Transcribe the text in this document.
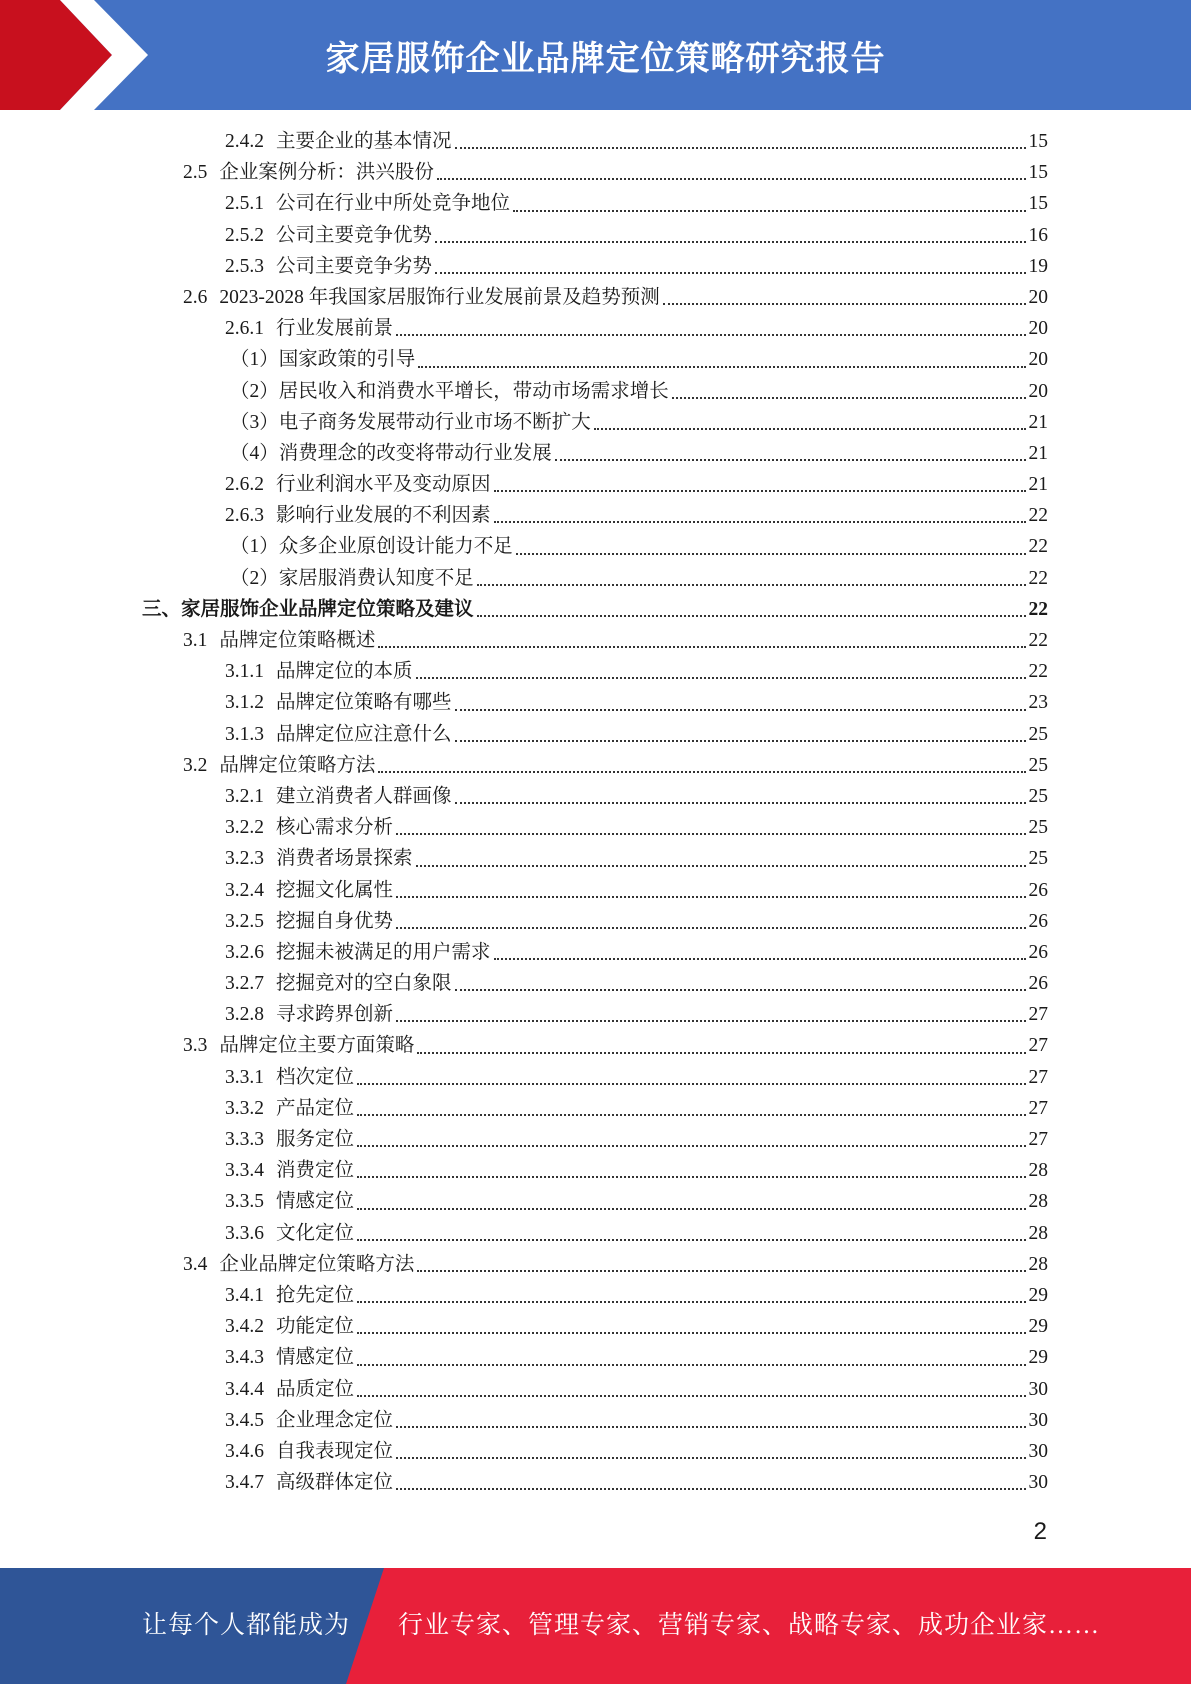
家居服饰企业品牌定位策略研究报告
2.4.2 主要企业的基本情况	15
2.5 企业案例分析：洪兴股份	15
2.5.1 公司在行业中所处竞争地位	15
2.5.2 公司主要竞争优势	16
2.5.3 公司主要竞争劣势	19
2.6 2023-2028 年我国家居服饰行业发展前景及趋势预测	20
2.6.1 行业发展前景	20
（1） 国家政策的引导	20
（2） 居民收入和消费水平增长，带动市场需求增长	20
（3） 电子商务发展带动行业市场不断扩大	21
（4） 消费理念的改变将带动行业发展	21
2.6.2 行业利润水平及变动原因	21
2.6.3 影响行业发展的不利因素	22
（1） 众多企业原创设计能力不足	22
（2） 家居服消费认知度不足	22
三、 家居服饰企业品牌定位策略及建议	22
3.1 品牌定位策略概述	22
3.1.1 品牌定位的本质	22
3.1.2 品牌定位策略有哪些	23
3.1.3 品牌定位应注意什么	25
3.2 品牌定位策略方法	25
3.2.1 建立消费者人群画像	25
3.2.2 核心需求分析	25
3.2.3 消费者场景探索	25
3.2.4 挖掘文化属性	26
3.2.5 挖掘自身优势	26
3.2.6 挖掘未被满足的用户需求	26
3.2.7 挖掘竞对的空白象限	26
3.2.8 寻求跨界创新	27
3.3 品牌定位主要方面策略	27
3.3.1 档次定位	27
3.3.2 产品定位	27
3.3.3 服务定位	27
3.3.4 消费定位	28
3.3.5 情感定位	28
3.3.6 文化定位	28
3.4 企业品牌定位策略方法	28
3.4.1 抢先定位	29
3.4.2 功能定位	29
3.4.3 情感定位	29
3.4.4 品质定位	30
3.4.5 企业理念定位	30
3.4.6 自我表现定位	30
3.4.7 高级群体定位	30
2
让每个人都能成为 行业专家、管理专家、营销专家、战略专家、成功企业家……
